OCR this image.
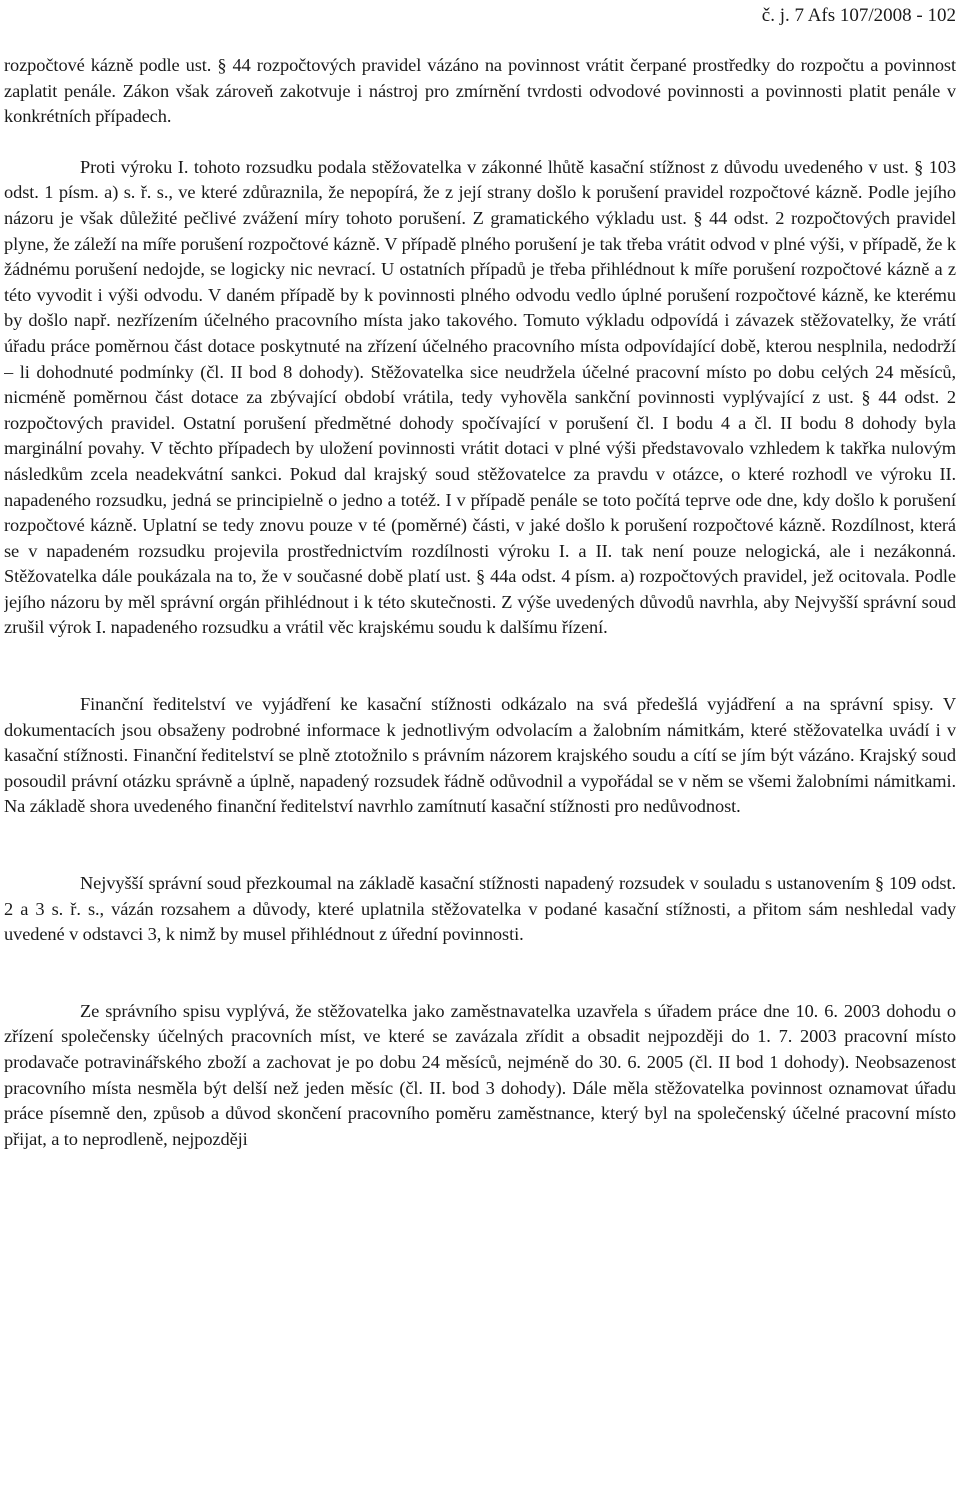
č. j. 7 Afs 107/2008 - 102

rozpočtové kázně podle ust. § 44 rozpočtových pravidel vázáno na povinnost vrátit čerpané prostředky do rozpočtu a povinnost zaplatit penále. Zákon však zároveň zakotvuje i nástroj pro zmírnění tvrdosti odvodové povinnosti a povinnosti platit penále v konkrétních případech.

Proti výroku I. tohoto rozsudku podala stěžovatelka v zákonné lhůtě kasační stížnost z důvodu uvedeného v ust. § 103 odst. 1 písm. a) s. ř. s., ve které zdůraznila, že nepopírá, že z její strany došlo k porušení pravidel rozpočtové kázně. Podle jejího názoru je však důležité pečlivé zvážení míry tohoto porušení. Z gramatického výkladu ust. § 44 odst. 2 rozpočtových pravidel plyne, že záleží na míře porušení rozpočtové kázně. V případě plného porušení je tak třeba vrátit odvod v plné výši, v případě, že k žádnému porušení nedojde, se logicky nic nevrací. U ostatních případů je třeba přihlédnout k míře porušení rozpočtové kázně a z této vyvodit i výši odvodu. V daném případě by k povinnosti plného odvodu vedlo úplné porušení rozpočtové kázně, ke kterému by došlo např. nezřízením účelného pracovního místa jako takového. Tomuto výkladu odpovídá i závazek stěžovatelky, že vrátí úřadu práce poměrnou část dotace poskytnuté na zřízení účelného pracovního místa odpovídající době, kterou nesplnila, nedodrží – li dohodnuté podmínky (čl. II bod 8 dohody). Stěžovatelka sice neudržela účelné pracovní místo po dobu celých 24 měsíců, nicméně poměrnou část dotace za zbývající období vrátila, tedy vyhověla sankční povinnosti vyplývající z ust. § 44 odst. 2 rozpočtových pravidel. Ostatní porušení předmětné dohody spočívající v porušení čl. I bodu 4 a čl. II bodu 8 dohody byla marginální povahy. V těchto případech by uložení povinnosti vrátit dotaci v plné výši představovalo vzhledem k takřka nulovým následkům zcela neadekvátní sankci. Pokud dal krajský soud stěžovatelce za pravdu v otázce, o které rozhodl ve výroku II. napadeného rozsudku, jedná se principielně o jedno a totéž. I v případě penále se toto počítá teprve ode dne, kdy došlo k porušení rozpočtové kázně. Uplatní se tedy znovu pouze v té (poměrné) části, v jaké došlo k porušení rozpočtové kázně. Rozdílnost, která se v napadeném rozsudku projevila prostřednictvím rozdílnosti výroku I. a II. tak není pouze nelogická, ale i nezákonná. Stěžovatelka dále poukázala na to, že v současné době platí ust. § 44a odst. 4 písm. a) rozpočtových pravidel, jež ocitovala. Podle jejího názoru by měl správní orgán přihlédnout i k této skutečnosti. Z výše uvedených důvodů navrhla, aby Nejvyšší správní soud zrušil výrok I. napadeného rozsudku a vrátil věc krajskému soudu k dalšímu řízení.

Finanční ředitelství ve vyjádření ke kasační stížnosti odkázalo na svá předešlá vyjádření a na správní spisy. V dokumentacích jsou obsaženy podrobné informace k jednotlivým odvolacím a žalobním námitkám, které stěžovatelka uvádí i v kasační stížnosti. Finanční ředitelství se plně ztotožnilo s právním názorem krajského soudu a cítí se jím být vázáno. Krajský soud posoudil právní otázku správně a úplně, napadený rozsudek řádně odůvodnil a vypořádal se v něm se všemi žalobními námitkami. Na základě shora uvedeného finanční ředitelství navrhlo zamítnutí kasační stížnosti pro nedůvodnost.

Nejvyšší správní soud přezkoumal na základě kasační stížnosti napadený rozsudek v souladu s ustanovením § 109 odst. 2 a 3 s. ř. s., vázán rozsahem a důvody, které uplatnila stěžovatelka v podané kasační stížnosti, a přitom sám neshledal vady uvedené v odstavci 3, k nimž by musel přihlédnout z úřední povinnosti.

Ze správního spisu vyplývá, že stěžovatelka jako zaměstnavatelka uzavřela s úřadem práce dne 10. 6. 2003 dohodu o zřízení společensky účelných pracovních míst, ve které se zavázala zřídit a obsadit nejpozději do 1. 7. 2003 pracovní místo prodavače potravinářského zboží a zachovat je po dobu 24 měsíců, nejméně do 30. 6. 2005 (čl. II bod 1 dohody). Neobsazenost pracovního místa nesměla být delší než jeden měsíc (čl. II. bod 3 dohody). Dále měla stěžovatelka povinnost oznamovat úřadu práce písemně den, způsob a důvod skončení pracovního poměru zaměstnance, který byl na společenský účelné pracovní místo přijat, a to neprodleně, nejpozději
